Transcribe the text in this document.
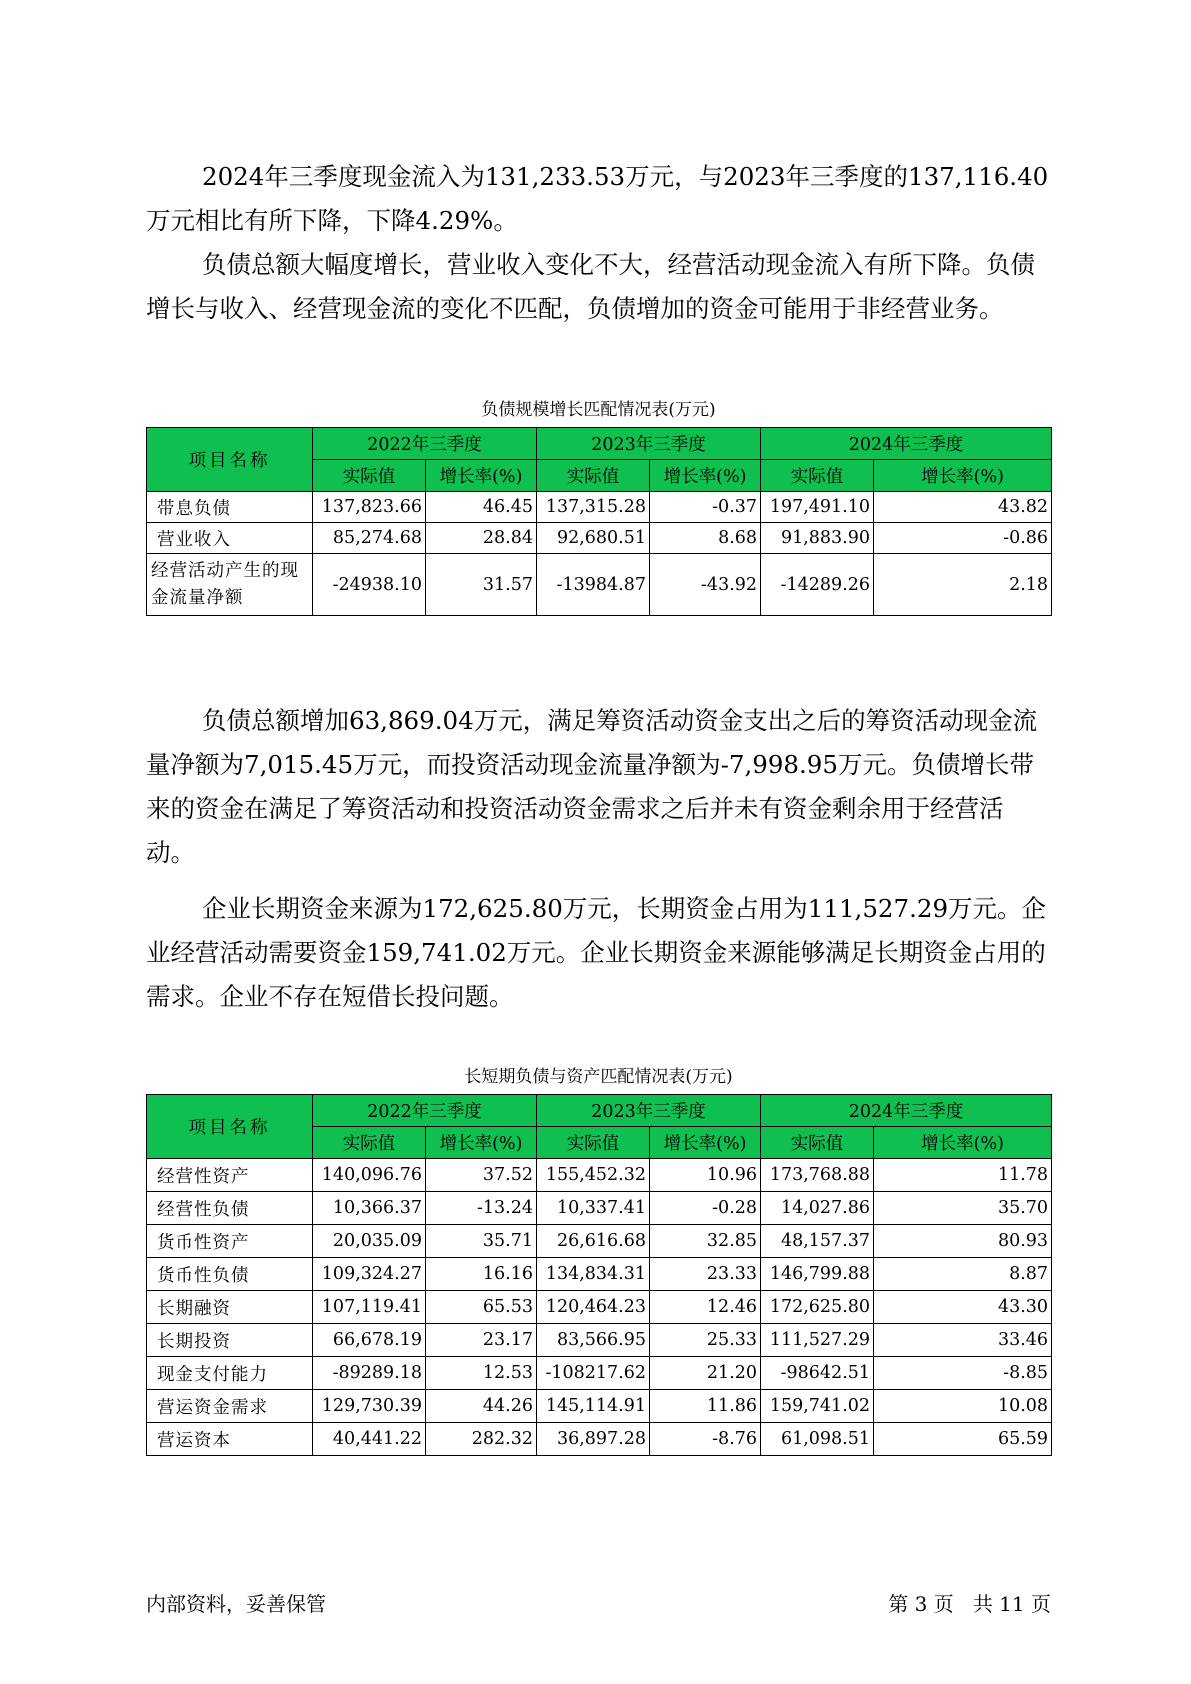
2024年三季度现金流入为131,233.53万元，与2023年三季度的137,116.40万元相比有所下降，下降4.29%。

负债总额大幅度增长，营业收入变化不大，经营活动现金流入有所下降。负债增长与收入、经营现金流的变化不匹配，负债增加的资金可能用于非经营业务。

负债规模增长匹配情况表(万元)
项目名称	2022年三季度		2023年三季度		2024年三季度	
	实际值	增长率(%)	实际值	增长率(%)	实际值	增长率(%)
带息负债	137,823.66	46.45	137,315.28	-0.37	197,491.10	43.82
营业收入	85,274.68	28.84	92,680.51	8.68	91,883.90	-0.86
经营活动产生的现金流量净额	-24938.10	31.57	-13984.87	-43.92	-14289.26	2.18

负债总额增加63,869.04万元，满足筹资活动资金支出之后的筹资活动现金流量净额为7,015.45万元，而投资活动现金流量净额为-7,998.95万元。负债增长带来的资金在满足了筹资活动和投资活动资金需求之后并未有资金剩余用于经营活动。

企业长期资金来源为172,625.80万元，长期资金占用为111,527.29万元。企业经营活动需要资金159,741.02万元。企业长期资金来源能够满足长期资金占用的需求。企业不存在短借长投问题。

长短期负债与资产匹配情况表(万元)
项目名称	2022年三季度		2023年三季度		2024年三季度	
	实际值	增长率(%)	实际值	增长率(%)	实际值	增长率(%)
经营性资产	140,096.76	37.52	155,452.32	10.96	173,768.88	11.78
经营性负债	10,366.37	-13.24	10,337.41	-0.28	14,027.86	35.70
货币性资产	20,035.09	35.71	26,616.68	32.85	48,157.37	80.93
货币性负债	109,324.27	16.16	134,834.31	23.33	146,799.88	8.87
长期融资	107,119.41	65.53	120,464.23	12.46	172,625.80	43.30
长期投资	66,678.19	23.17	83,566.95	25.33	111,527.29	33.46
现金支付能力	-89289.18	12.53	-108217.62	21.20	-98642.51	-8.85
营运资金需求	129,730.39	44.26	145,114.91	11.86	159,741.02	10.08
营运资本	40,441.22	282.32	36,897.28	-8.76	61,098.51	65.59
内部资料，妥善保管	第 3 页   共 11 页
